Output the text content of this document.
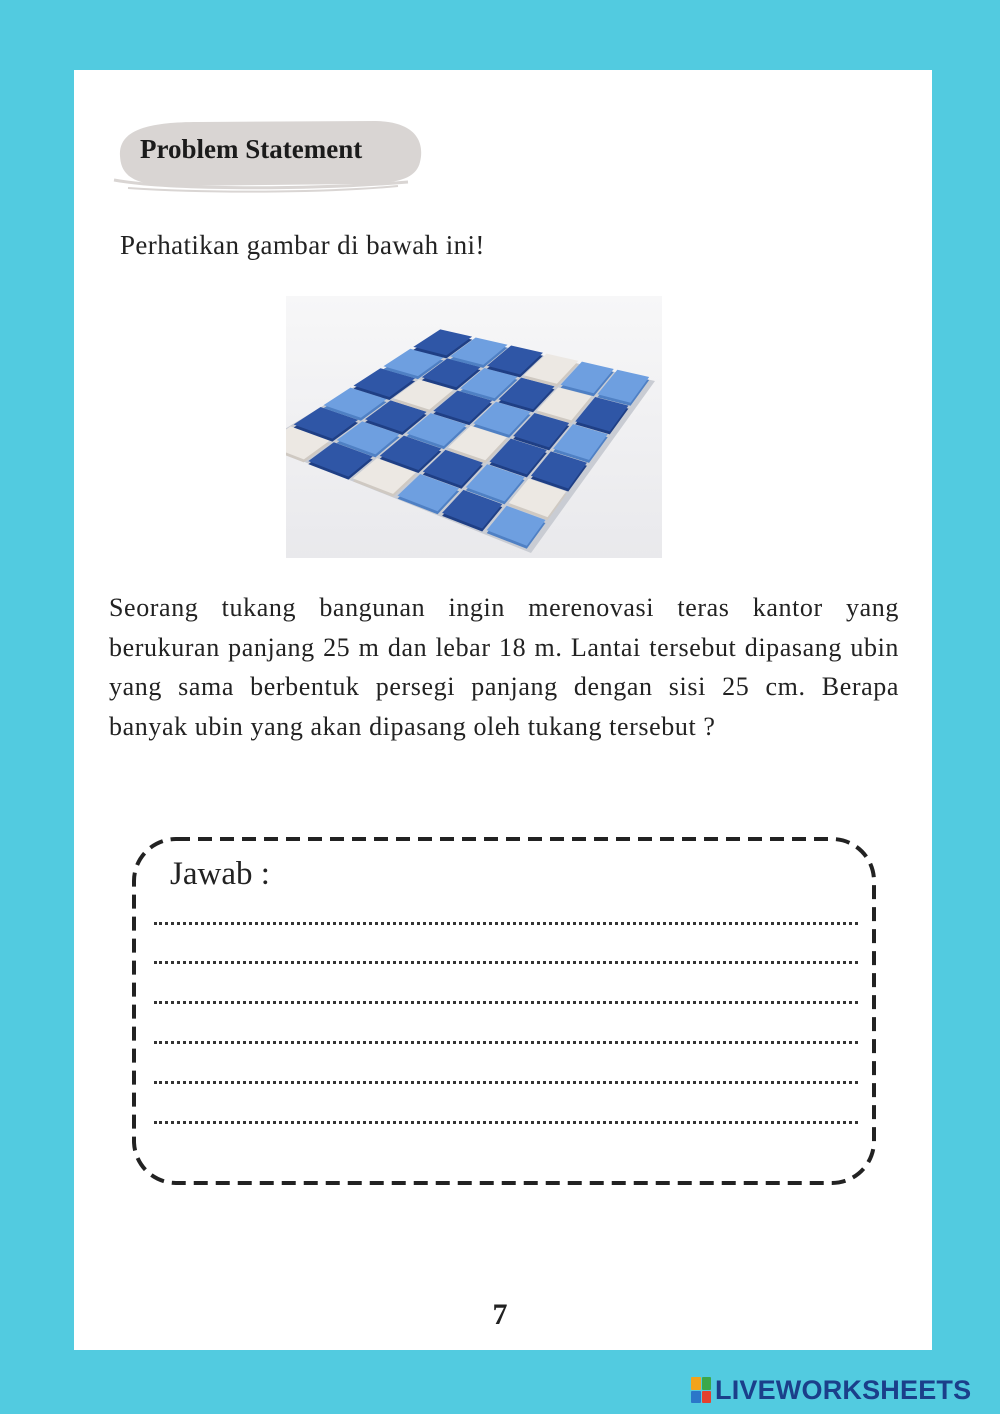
Problem Statement
Perhatikan gambar di bawah ini!
Seorang tukang bangunan ingin merenovasi teras kantor yang berukuran panjang 25 m dan lebar 18 m. Lantai tersebut dipasang ubin yang sama berbentuk persegi panjang dengan sisi 25 cm. Berapa banyak ubin yang akan dipasang oleh tukang tersebut ?
Jawab :
7
LIVEWORKSHEETS
